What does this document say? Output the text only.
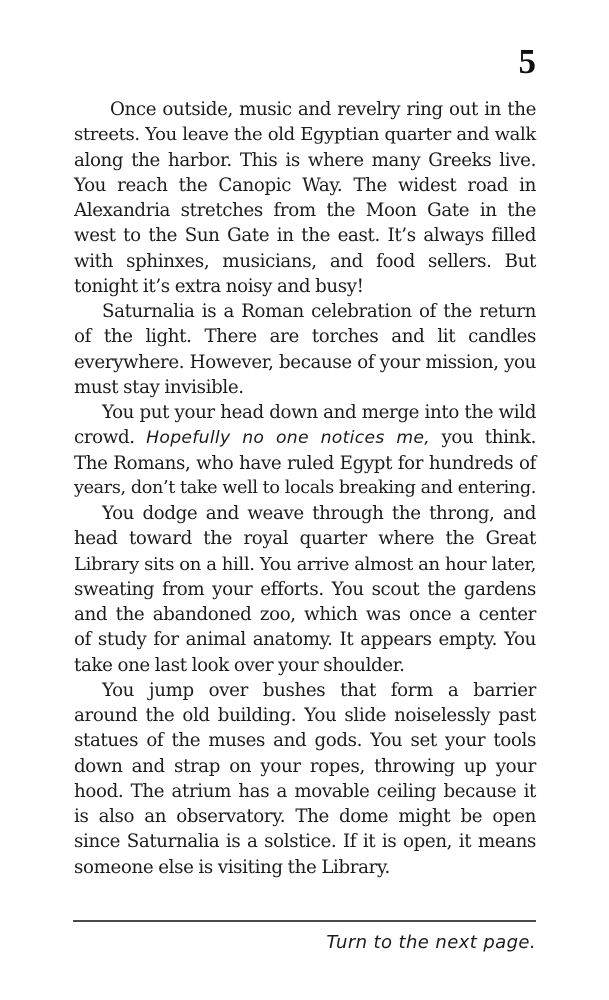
5
Once outside, music and revelry ring out in the
streets. You leave the old Egyptian quarter and walk
along the harbor. This is where many Greeks live.
You reach the Canopic Way. The widest road in
Alexandria stretches from the Moon Gate in the
west to the Sun Gate in the east. It’s always filled
with sphinxes, musicians, and food sellers. But
tonight it’s extra noisy and busy!
Saturnalia is a Roman celebration of the return
of the light. There are torches and lit candles
everywhere. However, because of your mission, you
must stay invisible.
You put your head down and merge into the wild
crowd. Hopefully no one notices me, you think.
The Romans, who have ruled Egypt for hundreds of
years, don’t take well to locals breaking and entering.
You dodge and weave through the throng, and
head toward the royal quarter where the Great
Library sits on a hill. You arrive almost an hour later,
sweating from your efforts. You scout the gardens
and the abandoned zoo, which was once a center
of study for animal anatomy. It appears empty. You
take one last look over your shoulder.
You jump over bushes that form a barrier
around the old building. You slide noiselessly past
statues of the muses and gods. You set your tools
down and strap on your ropes, throwing up your
hood. The atrium has a movable ceiling because it
is also an observatory. The dome might be open
since Saturnalia is a solstice. If it is open, it means
someone else is visiting the Library.
Turn to the next page.
